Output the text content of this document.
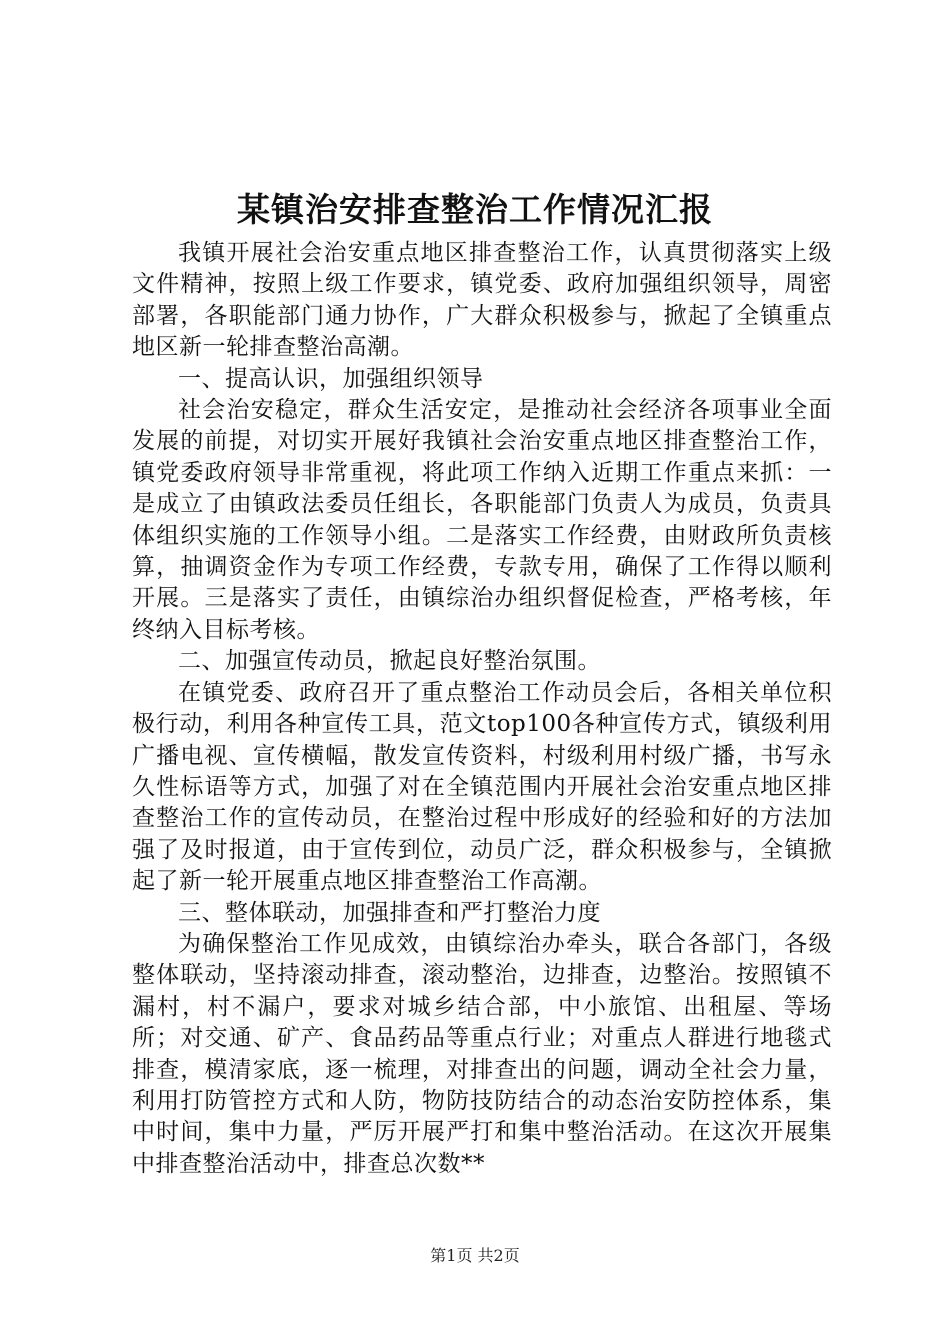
某镇治安排查整治工作情况汇报

我镇开展社会治安重点地区排查整治工作，认真贯彻落实上级文件精神，按照上级工作要求，镇党委、政府加强组织领导，周密部署，各职能部门通力协作，广大群众积极参与，掀起了全镇重点地区新一轮排查整治高潮。

一、提高认识，加强组织领导

社会治安稳定，群众生活安定，是推动社会经济各项事业全面发展的前提，对切实开展好我镇社会治安重点地区排查整治工作，镇党委政府领导非常重视，将此项工作纳入近期工作重点来抓：一是成立了由镇政法委员任组长，各职能部门负责人为成员，负责具体组织实施的工作领导小组。二是落实工作经费，由财政所负责核算，抽调资金作为专项工作经费，专款专用，确保了工作得以顺利开展。三是落实了责任，由镇综治办组织督促检查，严格考核，年终纳入目标考核。

二、加强宣传动员，掀起良好整治氛围。

在镇党委、政府召开了重点整治工作动员会后，各相关单位积极行动，利用各种宣传工具，范文top100各种宣传方式，镇级利用广播电视、宣传横幅，散发宣传资料，村级利用村级广播，书写永久性标语等方式，加强了对在全镇范围内开展社会治安重点地区排查整治工作的宣传动员，在整治过程中形成好的经验和好的方法加强了及时报道，由于宣传到位，动员广泛，群众积极参与，全镇掀起了新一轮开展重点地区排查整治工作高潮。

三、整体联动，加强排查和严打整治力度

为确保整治工作见成效，由镇综治办牵头，联合各部门，各级整体联动，坚持滚动排查，滚动整治，边排查，边整治。按照镇不漏村，村不漏户，要求对城乡结合部，中小旅馆、出租屋、等场所；对交通、矿产、食品药品等重点行业；对重点人群进行地毯式排查，模清家底，逐一梳理，对排查出的问题，调动全社会力量，利用打防管控方式和人防，物防技防结合的动态治安防控体系，集中时间，集中力量，严厉开展严打和集中整治活动。在这次开展集中排查整治活动中，排查总次数**

第1页 共2页
